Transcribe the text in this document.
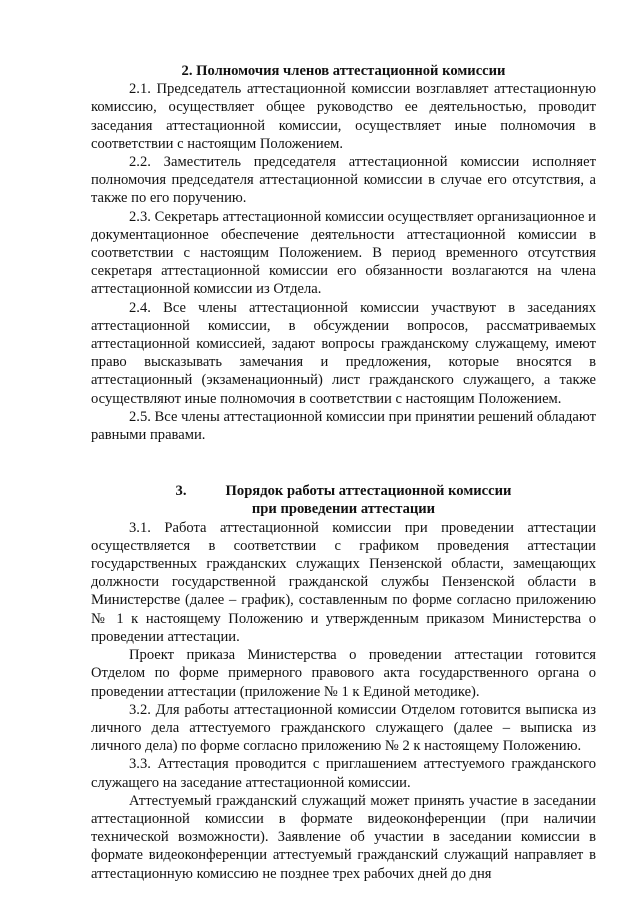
2. Полномочия членов аттестационной комиссии

2.1. Председатель аттестационной комиссии возглавляет аттестационную комиссию, осуществляет общее руководство ее деятельностью, проводит заседания аттестационной комиссии, осуществляет иные полномочия в соответствии с настоящим Положением.

2.2. Заместитель председателя аттестационной комиссии исполняет полномочия председателя аттестационной комиссии в случае его отсутствия, а также по его поручению.

2.3. Секретарь аттестационной комиссии осуществляет организационное и документационное обеспечение деятельности аттестационной комиссии в соответствии с настоящим Положением. В период временного отсутствия секретаря аттестационной комиссии его обязанности возлагаются на члена аттестационной комиссии из Отдела.

2.4. Все члены аттестационной комиссии участвуют в заседаниях аттестационной комиссии, в обсуждении вопросов, рассматриваемых аттестационной комиссией, задают вопросы гражданскому служащему, имеют право высказывать замечания и предложения, которые вносятся в аттестационный (экзаменационный) лист гражданского служащего, а также осуществляют иные полномочия в соответствии с настоящим Положением.

2.5. Все члены аттестационной комиссии при принятии решений обладают равными правами.

3.	Порядок работы аттестационной комиссии
при проведении аттестации

3.1. Работа аттестационной комиссии при проведении аттестации осуществляется в соответствии с графиком проведения аттестации государственных гражданских служащих Пензенской области, замещающих должности государственной гражданской службы Пензенской области в Министерстве (далее – график), составленным по форме согласно приложению № 1 к настоящему Положению и утвержденным приказом Министерства о проведении аттестации.

Проект приказа Министерства о проведении аттестации готовится Отделом по форме примерного правового акта государственного органа о проведении аттестации (приложение № 1 к Единой методике).

3.2. Для работы аттестационной комиссии Отделом готовится выписка из личного дела аттестуемого гражданского служащего (далее – выписка из личного дела) по форме согласно приложению № 2 к настоящему Положению.

3.3. Аттестация проводится с приглашением аттестуемого гражданского служащего на заседание аттестационной комиссии.

Аттестуемый гражданский служащий может принять участие в заседании аттестационной комиссии в формате видеоконференции (при наличии технической возможности). Заявление об участии в заседании комиссии в формате видеоконференции аттестуемый гражданский служащий направляет в аттестационную комиссию не позднее трех рабочих дней до дня
